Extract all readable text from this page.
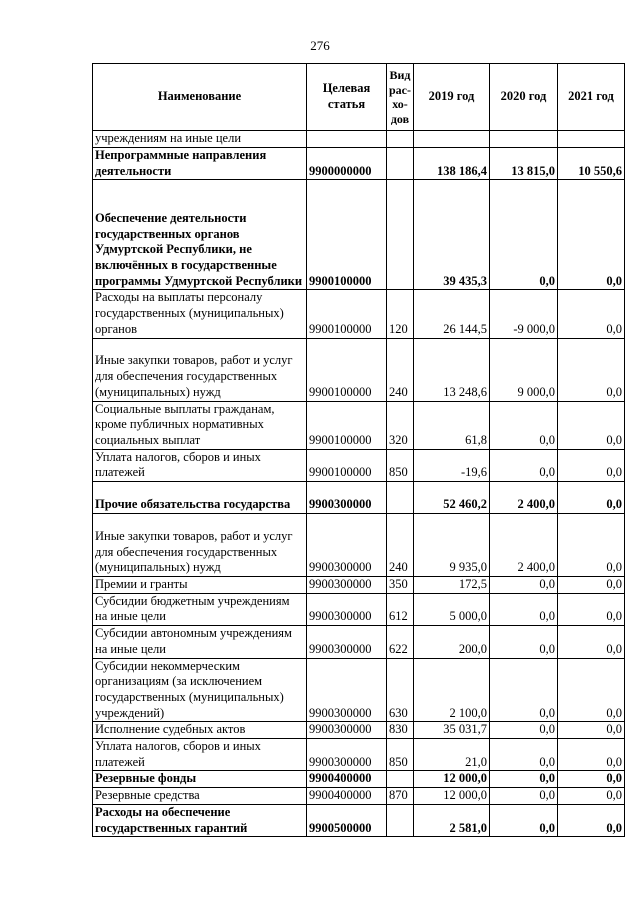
276
Наименование	Целевая статья	Вид рас-хо-дов	2019 год	2020 год	2021 год
учреждениям на иные цели					
Непрограммные направления деятельности	9900000000		138 186,4	13 815,0	10 550,6
Обеспечение деятельности государственных органов Удмуртской Республики, не включённых в государственные программы Удмуртской Республики	9900100000		39 435,3	0,0	0,0
Расходы на выплаты персоналу государственных (муниципальных) органов	9900100000	120	26 144,5	-9 000,0	0,0
Иные закупки товаров, работ и услуг для обеспечения государственных (муниципальных) нужд	9900100000	240	13 248,6	9 000,0	0,0
Социальные выплаты гражданам, кроме публичных нормативных социальных выплат	9900100000	320	61,8	0,0	0,0
Уплата налогов, сборов и иных платежей	9900100000	850	-19,6	0,0	0,0
Прочие обязательства государства	9900300000		52 460,2	2 400,0	0,0
Иные закупки товаров, работ и услуг для обеспечения государственных (муниципальных) нужд	9900300000	240	9 935,0	2 400,0	0,0
Премии и гранты	9900300000	350	172,5	0,0	0,0
Субсидии бюджетным учреждениям на иные цели	9900300000	612	5 000,0	0,0	0,0
Субсидии автономным учреждениям на иные цели	9900300000	622	200,0	0,0	0,0
Субсидии некоммерческим организациям (за исключением государственных (муниципальных) учреждений)	9900300000	630	2 100,0	0,0	0,0
Исполнение судебных актов	9900300000	830	35 031,7	0,0	0,0
Уплата налогов, сборов и иных платежей	9900300000	850	21,0	0,0	0,0
Резервные фонды	9900400000		12 000,0	0,0	0,0
Резервные средства	9900400000	870	12 000,0	0,0	0,0
Расходы на обеспечение государственных гарантий	9900500000		2 581,0	0,0	0,0
